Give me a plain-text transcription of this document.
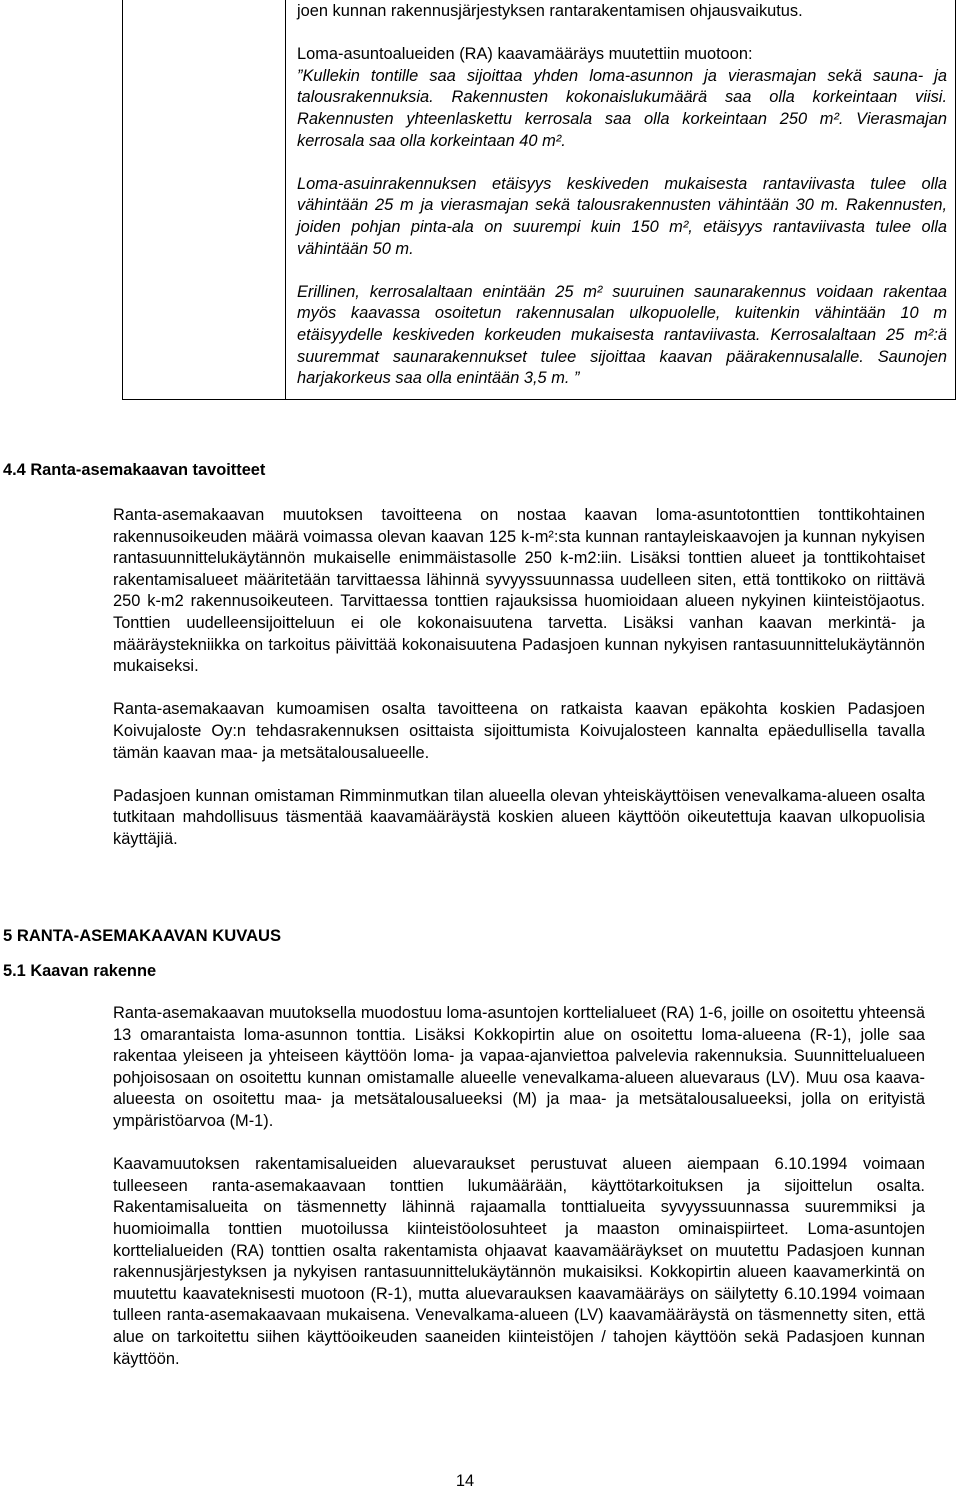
joen kunnan rakennusjärjestyksen rantarakentamisen ohjausvaikutus.

Loma-asuntoalueiden (RA) kaavamääräys muutettiin muotoon:
”Kullekin tontille saa sijoittaa yhden loma-asunnon ja vierasmajan sekä sauna- ja talousrakennuksia. Rakennusten kokonaislukumäärä saa olla korkeintaan viisi. Rakennusten yhteenlaskettu kerrosala saa olla korkeintaan 250 m². Vierasmajan kerrosala saa olla korkeintaan 40 m².

Loma-asuinrakennuksen etäisyys keskiveden mukaisesta rantaviivasta tulee olla vähintään 25 m ja vierasmajan sekä talousrakennusten vähintään 30 m. Rakennusten, joiden pohjan pinta-ala on suurempi kuin 150 m², etäisyys rantaviivasta tulee olla vähintään 50 m.

Erillinen, kerrosalaltaan enintään 25 m² suuruinen saunarakennus voidaan rakentaa myös kaavassa osoitetun rakennusalan ulkopuolelle, kuitenkin vähintään 10 m etäisyydelle keskiveden korkeuden mukaisesta rantaviivasta. Kerrosalaltaan 25 m²:ä suuremmat saunarakennukset tulee sijoittaa kaavan päärakennusalalle. Saunojen harjakorkeus saa olla enintään 3,5 m. ”

4.4 Ranta-asemakaavan tavoitteet

Ranta-asemakaavan muutoksen tavoitteena on nostaa kaavan loma-asuntotonttien tonttikohtainen rakennusoikeuden määrä voimassa olevan kaavan 125 k-m²:sta kunnan rantayleiskaavojen ja kunnan nykyisen rantasuunnittelukäytännön mukaiselle enimmäistasolle 250 k-m2:iin. Lisäksi tonttien alueet ja tonttikohtaiset rakentamisalueet määritetään tarvittaessa lähinnä syvyyssuunnassa uudelleen siten, että tonttikoko on riittävä 250 k-m2 rakennusoikeuteen. Tarvittaessa tonttien rajauksissa huomioidaan alueen nykyinen kiinteistöjaotus. Tonttien uudelleensijoitteluun ei ole kokonaisuutena tarvetta. Lisäksi vanhan kaavan merkintä- ja määräystekniikka on tarkoitus päivittää kokonaisuutena Padasjoen kunnan nykyisen rantasuunnittelukäytännön mukaiseksi.

Ranta-asemakaavan kumoamisen osalta tavoitteena on ratkaista kaavan epäkohta koskien Padasjoen Koivujaloste Oy:n tehdasrakennuksen osittaista sijoittumista Koivujalosteen kannalta epäedullisella tavalla tämän kaavan maa- ja metsätalousalueelle.

Padasjoen kunnan omistaman Rimminmutkan tilan alueella olevan yhteiskäyttöisen venevalkama-alueen osalta tutkitaan mahdollisuus täsmentää kaavamääräystä koskien alueen käyttöön oikeutettuja kaavan ulkopuolisia käyttäjiä.

5 RANTA-ASEMAKAAVAN KUVAUS
5.1 Kaavan rakenne

Ranta-asemakaavan muutoksella muodostuu loma-asuntojen korttelialueet (RA) 1-6, joille on osoitettu yhteensä 13 omarantaista loma-asunnon tonttia. Lisäksi Kokkopirtin alue on osoitettu loma-alueena (R-1), jolle saa rakentaa yleiseen ja yhteiseen käyttöön loma- ja vapaa-ajanviettoa palvelevia rakennuksia. Suunnittelualueen pohjoisosaan on osoitettu kunnan omistamalle alueelle venevalkama-alueen aluevaraus (LV). Muu osa kaava-alueesta on osoitettu maa- ja metsätalousalueeksi (M) ja maa- ja metsätalousalueeksi, jolla on erityistä ympäristöarvoa (M-1).

Kaavamuutoksen rakentamisalueiden aluevaraukset perustuvat alueen aiempaan 6.10.1994 voimaan tulleeseen ranta-asemakaavaan tonttien lukumäärään, käyttötarkoituksen ja sijoittelun osalta. Rakentamisalueita on täsmennetty lähinnä rajaamalla tonttialueita syvyyssuunnassa suuremmiksi ja huomioimalla tonttien muotoilussa kiinteistöolosuhteet ja maaston ominaispiirteet. Loma-asuntojen korttelialueiden (RA) tonttien osalta rakentamista ohjaavat kaavamääräykset on muutettu Padasjoen kunnan rakennusjärjestyksen ja nykyisen rantasuunnittelukäytännön mukaisiksi. Kokkopirtin alueen kaavamerkintä on muutettu kaavateknisesti muotoon (R-1), mutta aluevarauksen kaavamääräys on säilytetty 6.10.1994 voimaan tulleen ranta-asemakaavaan mukaisena. Venevalkama-alueen (LV) kaavamääräystä on täsmennetty siten, että alue on tarkoitettu siihen käyttöoikeuden saaneiden kiinteistöjen / tahojen käyttöön sekä Padasjoen kunnan käyttöön.

14
